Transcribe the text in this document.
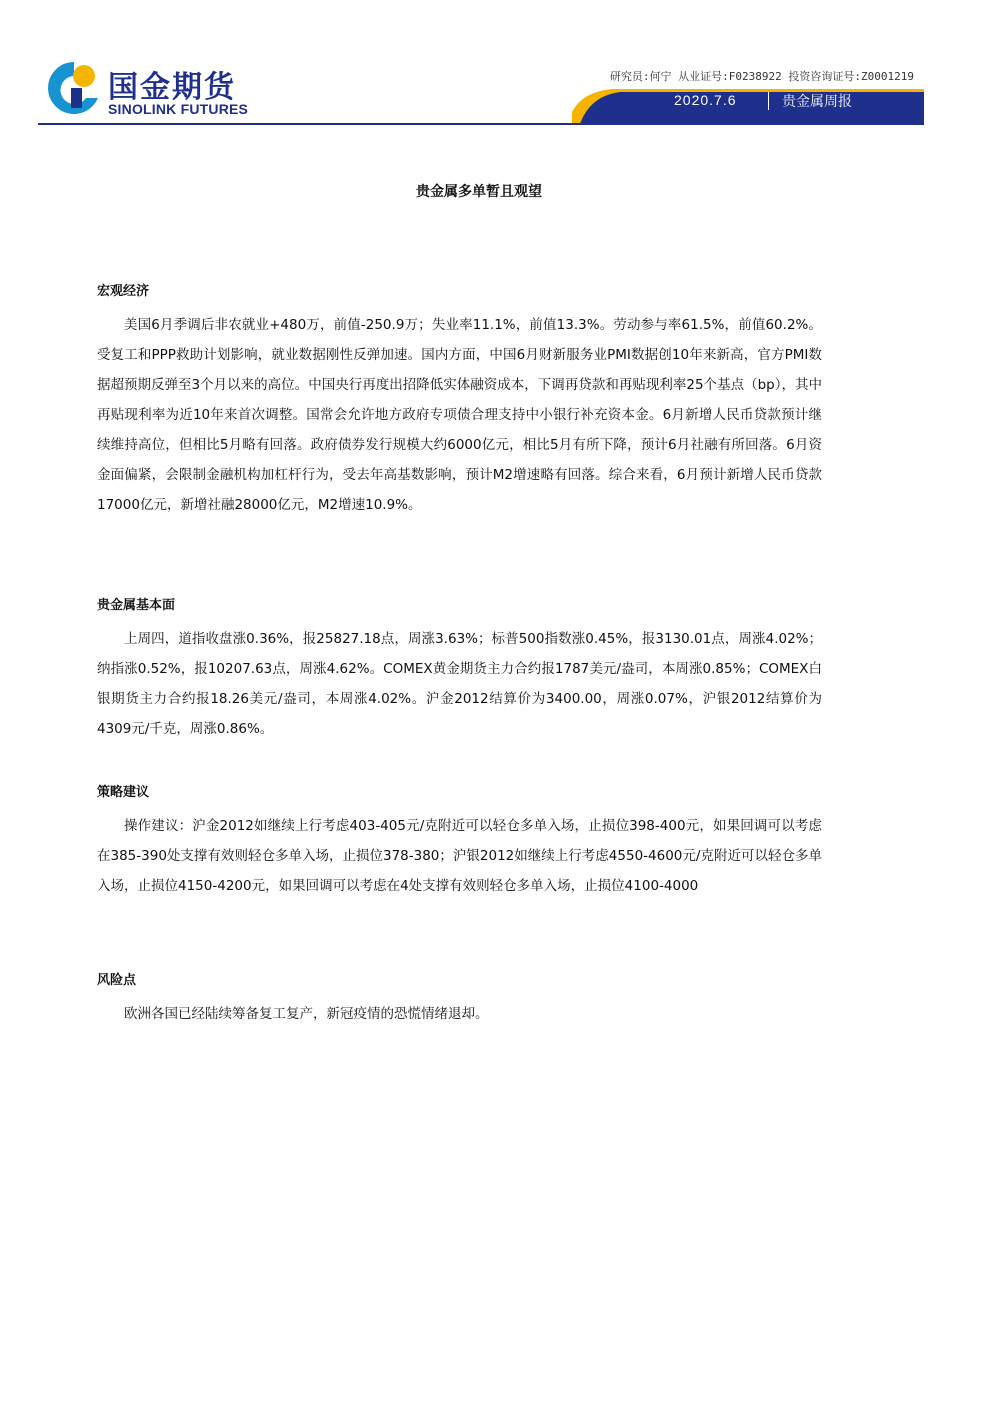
国金期货
SINOLINK FUTURES
研究员:何宁 从业证号:F0238922 投资咨询证号:Z0001219
2020.7.6	贵金属周报
贵金属多单暂且观望

宏观经济

美国6月季调后非农就业+480万，前值-250.9万；失业率11.1%，前值13.3%。劳动参与率61.5%，前值60.2%。受复工和PPP救助计划影响，就业数据刚性反弹加速。国内方面，中国6月财新服务业PMI数据创10年来新高，官方PMI数据超预期反弹至3个月以来的高位。中国央行再度出招降低实体融资成本，下调再贷款和再贴现利率25个基点（bp），其中再贴现利率为近10年来首次调整。国常会允许地方政府专项债合理支持中小银行补充资本金。6月新增人民币贷款预计继续维持高位，但相比5月略有回落。政府债券发行规模大约6000亿元，相比5月有所下降，预计6月社融有所回落。6月资金面偏紧，会限制金融机构加杠杆行为，受去年高基数影响，预计M2增速略有回落。综合来看，6月预计新增人民币贷款17000亿元，新增社融28000亿元，M2增速10.9%。

贵金属基本面

上周四，道指收盘涨0.36%，报25827.18点，周涨3.63%；标普500指数涨0.45%，报3130.01点，周涨4.02%；纳指涨0.52%，报10207.63点，周涨4.62%。COMEX黄金期货主力合约报1787美元/盎司，本周涨0.85%；COMEX白银期货主力合约报18.26美元/盎司，本周涨4.02%。沪金2012结算价为3400.00，周涨0.07%，沪银2012结算价为4309元/千克，周涨0.86%。

策略建议

操作建议：沪金2012如继续上行考虑403-405元/克附近可以轻仓多单入场，止损位398-400元，如果回调可以考虑在385-390处支撑有效则轻仓多单入场，止损位378-380；沪银2012如继续上行考虑4550-4600元/克附近可以轻仓多单入场，止损位4150-4200元，如果回调可以考虑在4处支撑有效则轻仓多单入场，止损位4100-4000

风险点

欧洲各国已经陆续筹备复工复产，新冠疫情的恐慌情绪退却。
